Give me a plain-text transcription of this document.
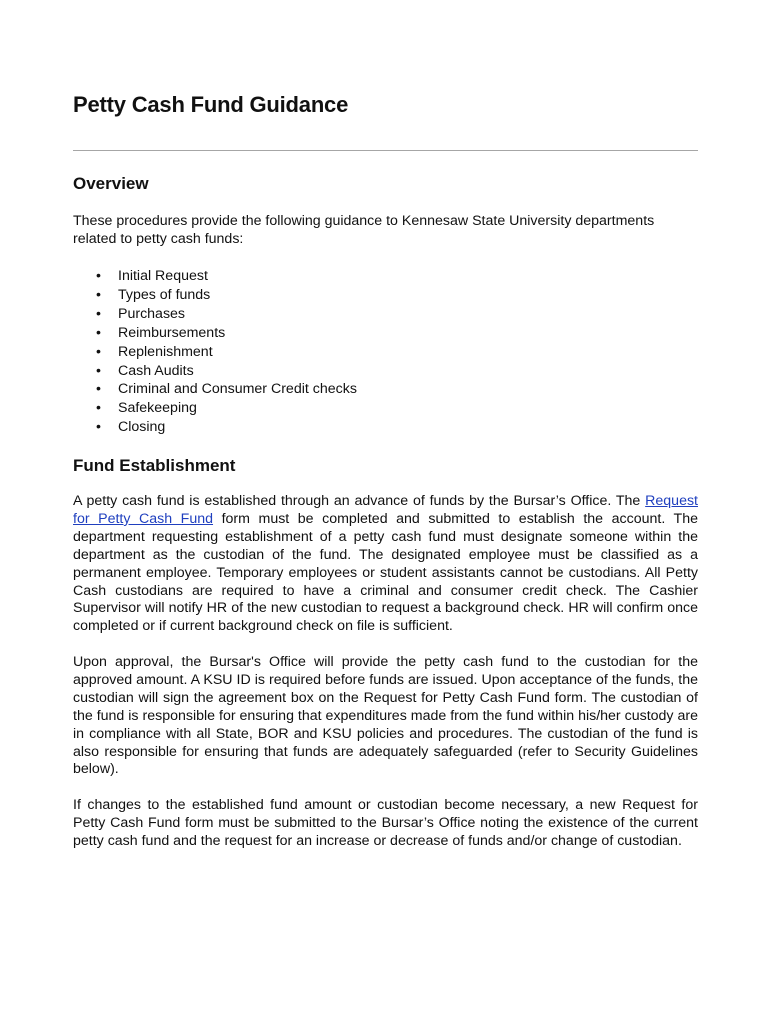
Petty Cash Fund Guidance
Overview

These procedures provide the following guidance to Kennesaw State University departments related to petty cash funds:

• Initial Request
• Types of funds
• Purchases
• Reimbursements
• Replenishment
• Cash Audits
• Criminal and Consumer Credit checks
• Safekeeping
• Closing
Fund Establishment

A petty cash fund is established through an advance of funds by the Bursar’s Office. The Request for Petty Cash Fund form must be completed and submitted to establish the account. The department requesting establishment of a petty cash fund must designate someone within the department as the custodian of the fund. The designated employee must be classified as a permanent employee. Temporary employees or student assistants cannot be custodians. All Petty Cash custodians are required to have a criminal and consumer credit check. The Cashier Supervisor will notify HR of the new custodian to request a background check. HR will confirm once completed or if current background check on file is sufficient.

Upon approval, the Bursar's Office will provide the petty cash fund to the custodian for the approved amount. A KSU ID is required before funds are issued. Upon acceptance of the funds, the custodian will sign the agreement box on the Request for Petty Cash Fund form. The custodian of the fund is responsible for ensuring that expenditures made from the fund within his/her custody are in compliance with all State, BOR and KSU policies and procedures. The custodian of the fund is also responsible for ensuring that funds are adequately safeguarded (refer to Security Guidelines below).

If changes to the established fund amount or custodian become necessary, a new Request for Petty Cash Fund form must be submitted to the Bursar’s Office noting the existence of the current petty cash fund and the request for an increase or decrease of funds and/or change of custodian.
